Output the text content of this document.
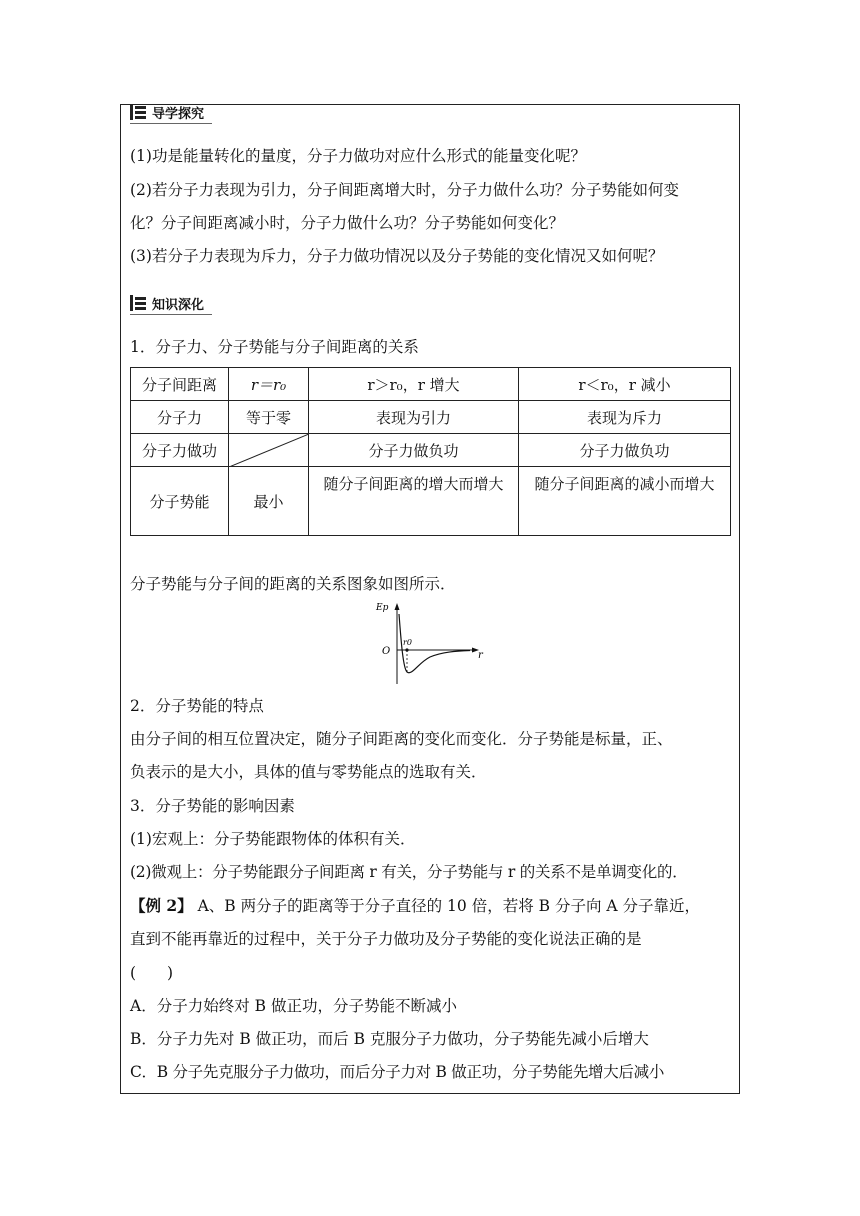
导学探究
(1)功是能量转化的量度，分子力做功对应什么形式的能量变化呢？
(2)若分子力表现为引力，分子间距离增大时，分子力做什么功？分子势能如何变
化？分子间距离减小时，分子力做什么功？分子势能如何变化？
(3)若分子力表现为斥力，分子力做功情况以及分子势能的变化情况又如何呢？
知识深化
1．分子力、分子势能与分子间距离的关系
分子间距离	r＝r₀	r＞r₀，r 增大	r＜r₀，r 减小
分子力	等于零	表现为引力	表现为斥力
分子力做功		分子力做负功	分子力做负功
分子势能	最小	随分子间距离的增大而增大	随分子间距离的减小而增大
分子势能与分子间的距离的关系图象如图所示．
Ep
O
r0
r
2．分子势能的特点
由分子间的相互位置决定，随分子间距离的变化而变化．分子势能是标量，正、
负表示的是大小，具体的值与零势能点的选取有关．
3．分子势能的影响因素
(1)宏观上：分子势能跟物体的体积有关．
(2)微观上：分子势能跟分子间距离 r 有关，分子势能与 r 的关系不是单调变化的．
【例 2】 A、B 两分子的距离等于分子直径的 10 倍，若将 B 分子向 A 分子靠近，
直到不能再靠近的过程中，关于分子力做功及分子势能的变化说法正确的是
(　　)
A．分子力始终对 B 做正功，分子势能不断减小
B．分子力先对 B 做正功，而后 B 克服分子力做功，分子势能先减小后增大
C．B 分子先克服分子力做功，而后分子力对 B 做正功，分子势能先增大后减小
